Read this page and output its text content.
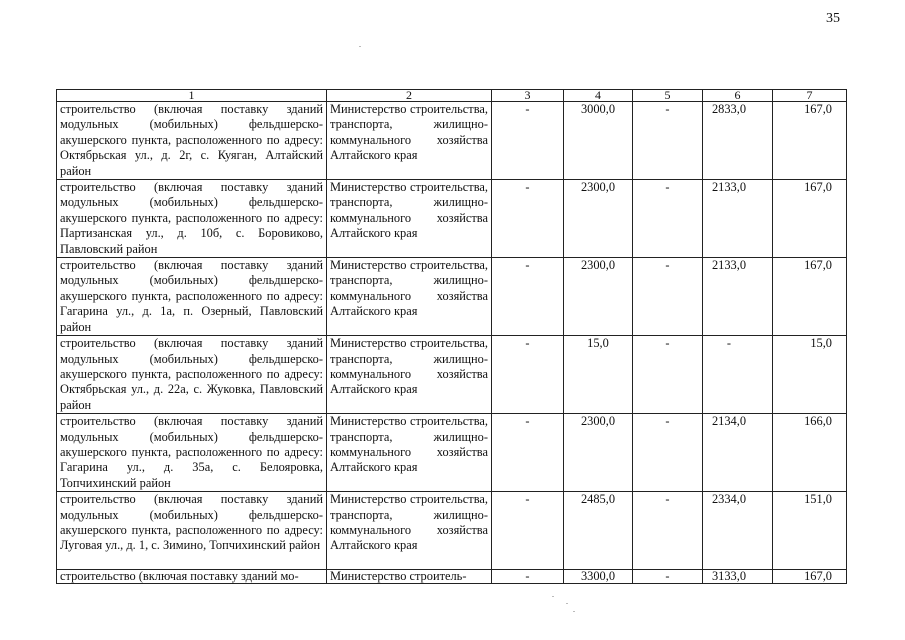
35
1	2	3	4	5	6	7
строительство (включая поставку зданий модульных (мобильных) фельдшерско-акушерского пункта, расположенного по адресу: Октябрьская ул., д. 2г, с. Куяган, Алтайский район	Министерство строительства, транспорта, жилищно-коммунального хозяйства Алтайского края	-	3000,0	-	2833,0	167,0
строительство (включая поставку зданий модульных (мобильных) фельдшерско-акушерского пункта, расположенного по адресу: Партизанская ул., д. 10б, с. Боровиково, Павловский район	Министерство строительства, транспорта, жилищно-коммунального хозяйства Алтайского края	-	2300,0	-	2133,0	167,0
строительство (включая поставку зданий модульных (мобильных) фельдшерско-акушерского пункта, расположенного по адресу: Гагарина ул., д. 1а, п. Озерный, Павловский район	Министерство строительства, транспорта, жилищно-коммунального хозяйства Алтайского края	-	2300,0	-	2133,0	167,0
строительство (включая поставку зданий модульных (мобильных) фельдшерско-акушерского пункта, расположенного по адресу: Октябрьская ул., д. 22а, с. Жуковка, Павловский район	Министерство строительства, транспорта, жилищно-коммунального хозяйства Алтайского края	-	15,0	-	-	15,0
строительство (включая поставку зданий модульных (мобильных) фельдшерско-акушерского пункта, расположенного по адресу: Гагарина ул., д. 35а, с. Белояровка, Топчихинский район	Министерство строительства, транспорта, жилищно-коммунального хозяйства Алтайского края	-	2300,0	-	2134,0	166,0
строительство (включая поставку зданий модульных (мобильных) фельдшерско-акушерского пункта, расположенного по адресу: Луговая ул., д. 1, с. Зимино, Топчихинский район	Министерство строительства, транспорта, жилищно-коммунального хозяйства Алтайского края	-	2485,0	-	2334,0	151,0
строительство (включая поставку зданий мо-	Министерство строитель-	-	3300,0	-	3133,0	167,0
